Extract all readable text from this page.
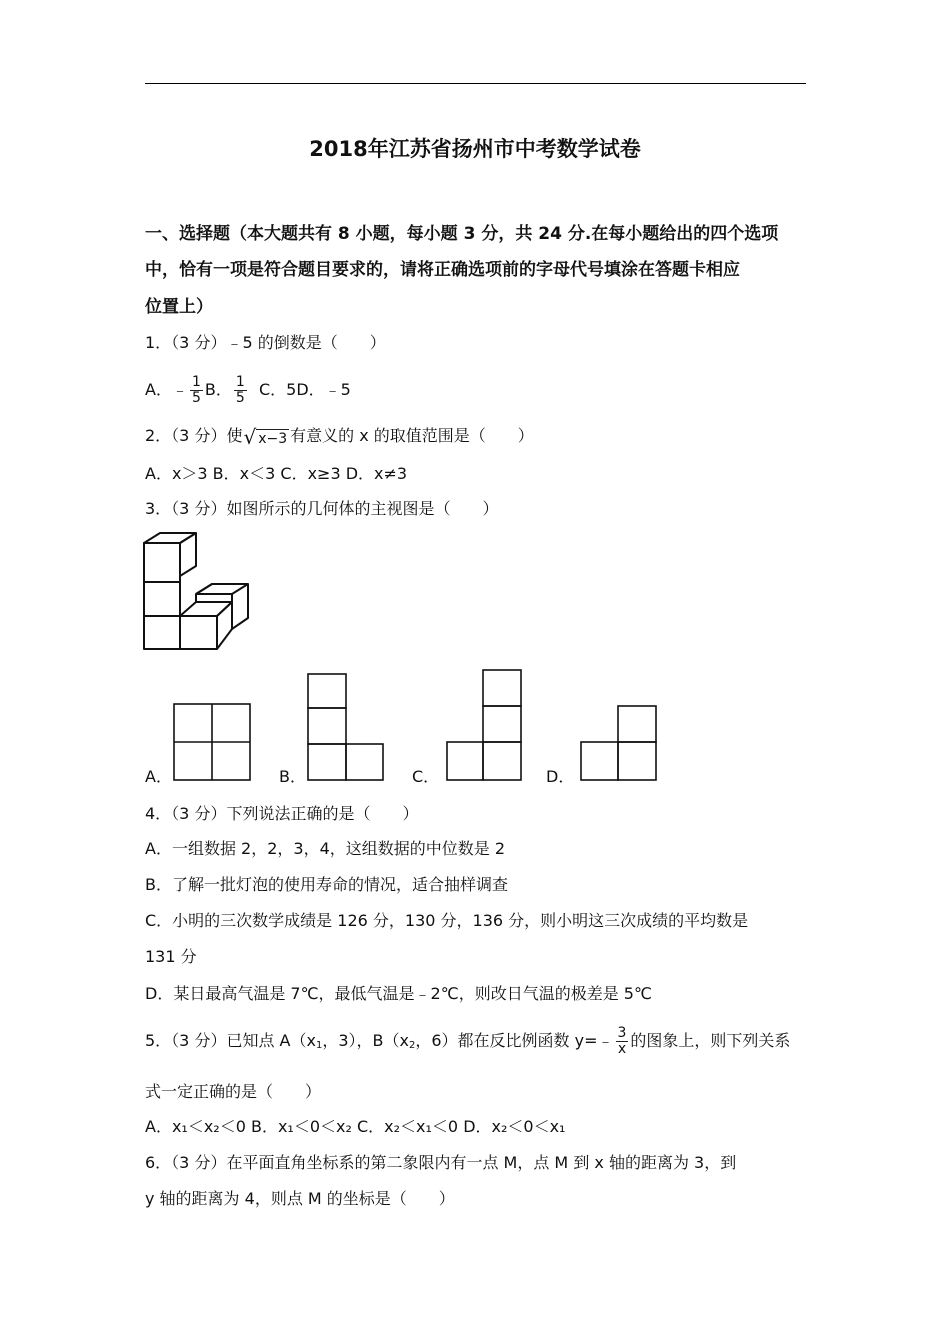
2018年江苏省扬州市中考数学试卷
一、选择题（本大题共有 8 小题，每小题 3 分，共 24 分.在每小题给出的四个选项
中，恰有一项是符合题目要求的，请将正确选项前的字母代号填涂在答题卡相应
位置上）
1．（3 分）﹣5 的倒数是（　　）
A．﹣ $\frac{1}{5}$ B． $\frac{1}{5}$ C．5D．﹣5
2．（3 分）使 √ x−3 有意义的 x 的取值范围是（　　）
A．x＞3 B．x＜3 C．x≥3 D．x≠3
3．（3 分）如图所示的几何体的主视图是（　　）
A．	B．	C．	D．
4．（3 分）下列说法正确的是（　　）
A．一组数据 2，2，3，4，这组数据的中位数是 2
B．了解一批灯泡的使用寿命的情况，适合抽样调查
C．小明的三次数学成绩是 126 分，130 分，136 分，则小明这三次成绩的平均数是
131 分
D．某日最高气温是 7℃，最低气温是﹣2℃，则改日气温的极差是 5℃
5．（3 分）已知点 $A(x_1$，3），$B(x_2$，6）都在反比例函数 y=﹣ $\frac{3}{x}$ 的图象上，则下列关系
式一定正确的是（　　）
A．x₁＜x₂＜0 B．x₁＜0＜x₂ C．x₂＜x₁＜0 D．x₂＜0＜x₁
6．（3 分）在平面直角坐标系的第二象限内有一点 M，点 M 到 x 轴的距离为 3，到
y 轴的距离为 4，则点 M 的坐标是（　　）
